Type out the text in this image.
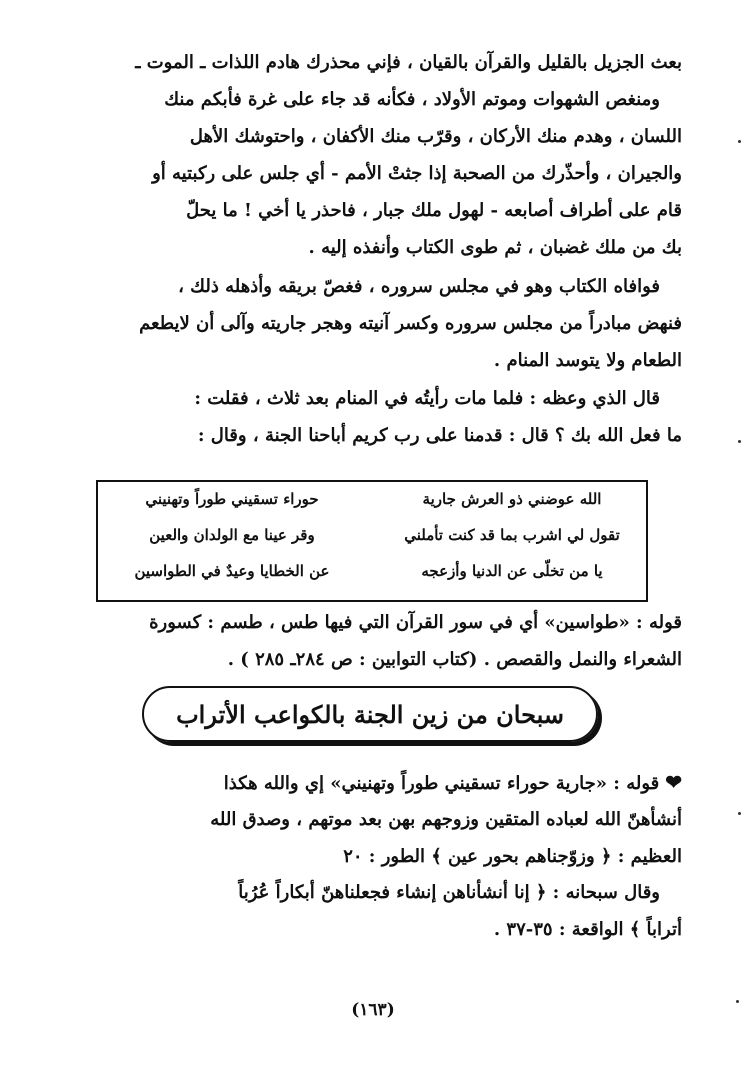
بعث الجزيل بالقليل والقرآن بالقيان ، فإني محذرك هادم اللذات ـ الموت ـ
ومنغص الشهوات وموتم الأولاد ، فكأنه قد جاء على غرة فأبكم منك
اللسان ، وهدم منك الأركان ، وقرّب منك الأكفان ، واحتوشك الأهل
والجيران ، وأحذّرك من الصحبة إذا جثتْ الأمم - أي جلس على ركبتيه أو
قام على أطراف أصابعه - لهول ملك جبار ، فاحذر يا أخي ! ما يحلّ
بك من ملك غضبان ، ثم طوى الكتاب وأنفذه إليه .
فوافاه الكتاب وهو في مجلس سروره ، فغصّ بريقه وأذهله ذلك ،
فنهض مبادراً من مجلس سروره وكسر آنيته وهجر جاريته وآلى أن لايطعم
الطعام ولا يتوسد المنام .
قال الذي وعظه : فلما مات رأيتُه في المنام بعد ثلاث ، فقلت :
ما فعل الله بك ؟ قال : قدمنا على رب كريم أباحنا الجنة ، وقال :
الله عوضني ذو العرش جارية
حوراء تسقيني طوراً وتهنيني
تقول لي اشرب بما قد كنت تأملني
وقر عينا مع الولدان والعين
يا من تخلّى عن الدنيا وأزعجه
عن الخطايا وعيدٌ في الطواسين
قوله : «طواسين» أي في سور القرآن التي فيها طس ، طسم : كسورة
الشعراء والنمل والقصص . (كتاب التوابين : ص ٢٨٤ـ ٢٨٥ ) .
سبحان من زين الجنة بالكواعب الأتراب
❤قوله : «جارية حوراء تسقيني طوراً وتهنيني» إي والله هكذا
أنشأهنّ الله لعباده المتقين وزوجهم بهن بعد موتهم ، وصدق الله
العظيم : ﴿ وزوّجناهم بحور عين ﴾ الطور : ٢٠
وقال سبحانه : ﴿ إنا أنشأناهن إنشاء فجعلناهنّ أبكاراً عُرُباً
أتراباً ﴾ الواقعة : ٣٥-٣٧ .
(١٦٣)
